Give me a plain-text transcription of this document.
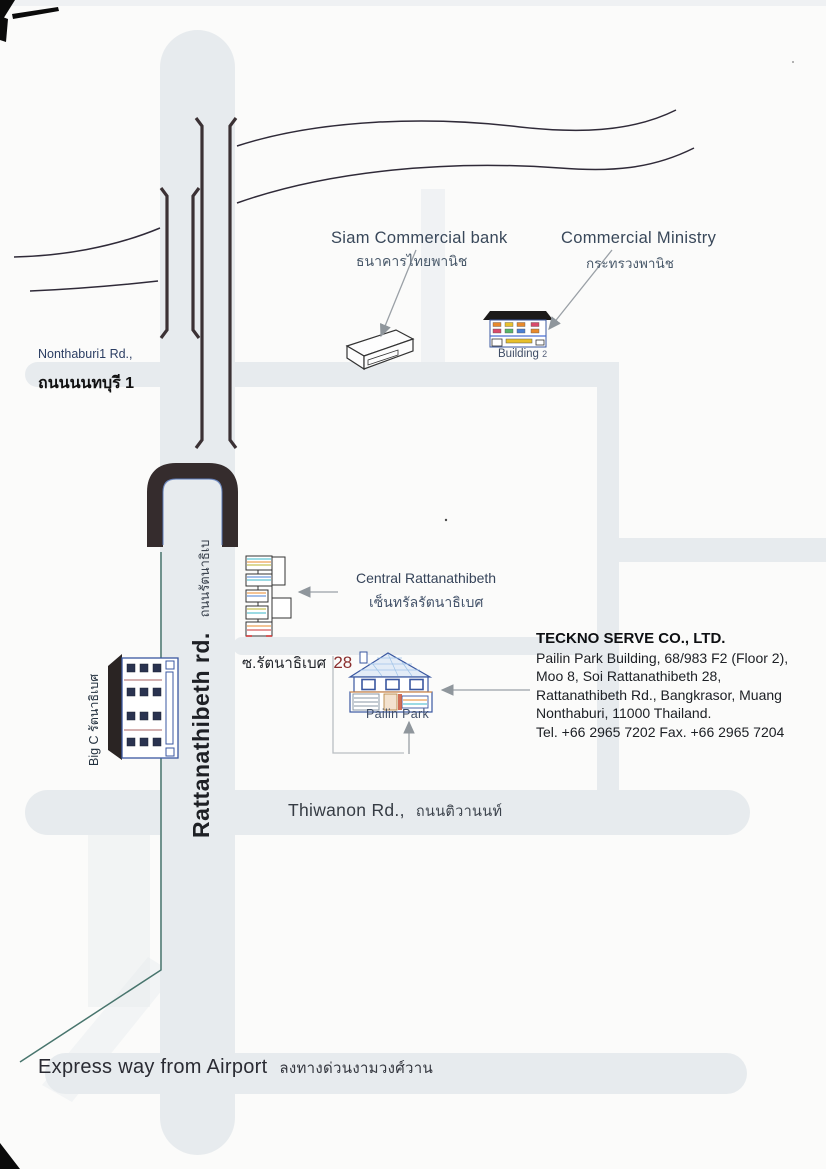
Siam Commercial bank
ธนาคารไทยพานิช
Commercial Ministry
กระทรวงพานิช
Building 2
Nonthaburi1 Rd.,
ถนนนนทบุรี 1
Central Rattanathibeth
เซ็นทรัลรัตนาธิเบศ
ซ.รัตนาธิเบศ 28
Pailin Park
TECKNO SERVE CO., LTD.
Pailin Park Building, 68/983 F2 (Floor 2),
Moo 8, Soi Rattanathibeth 28,
Rattanathibeth Rd., Bangkrasor, Muang
Nonthaburi, 11000 Thailand.
Tel. +66 2965 7202 Fax. +66 2965 7204
Thiwanon Rd., ถนนติวานนท์
Express way from Airport ลงทางด่วนงามวงศ์วาน
Rattanathibeth rd. ถนนรัตนาธิเบ
Big C รัตนาธิเบศ
